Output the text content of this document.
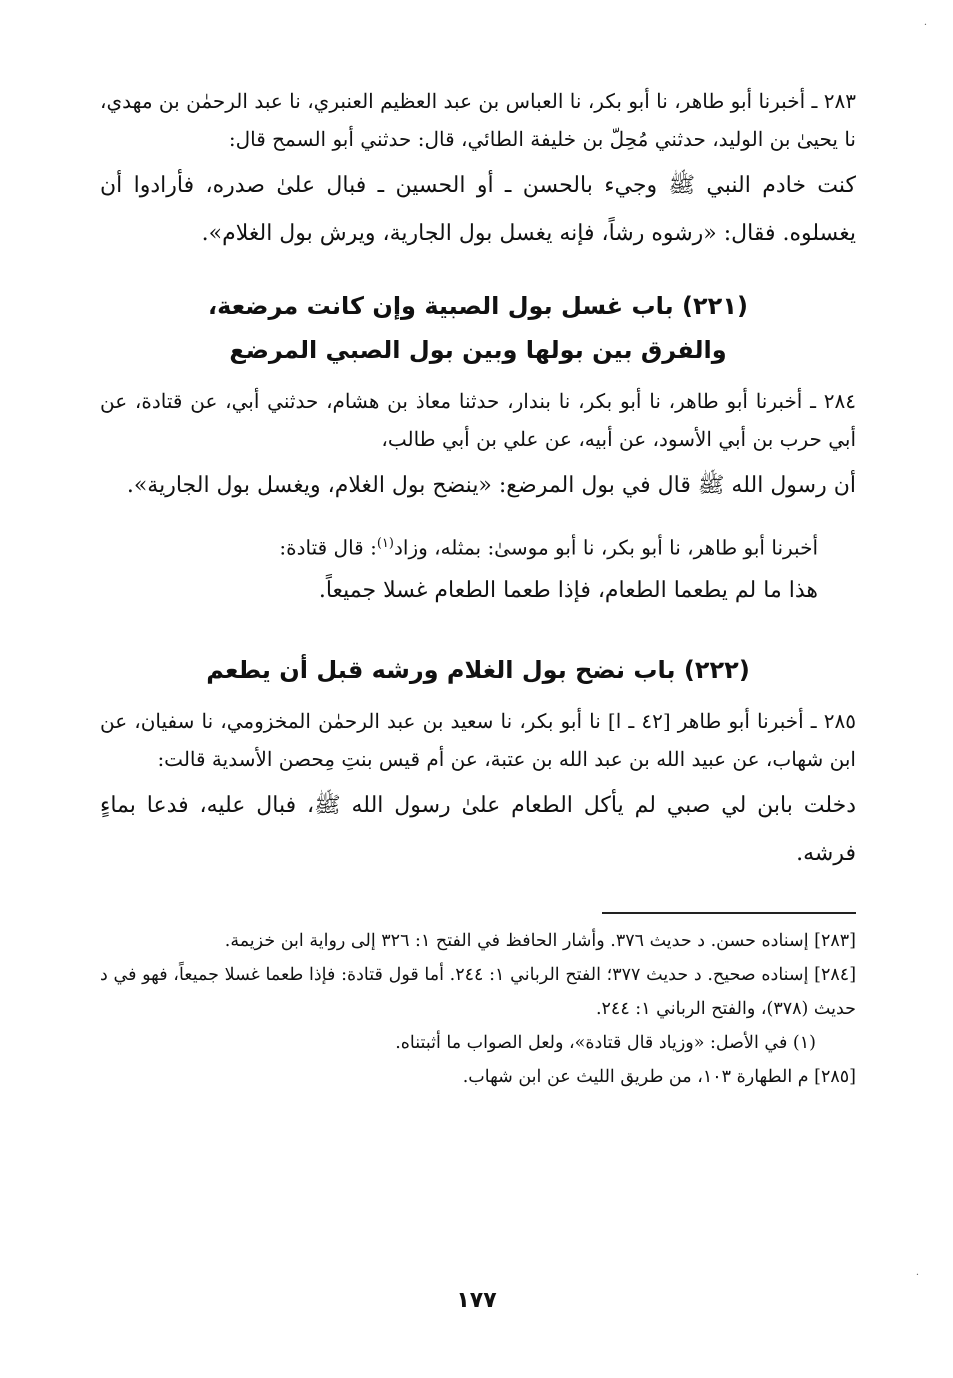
·
·

٢٨٣ ـ أخبرنا أبو طاهر، نا أبو بكر، نا العباس بن عبد العظيم العنبري، نا عبد الرحمٰن بن مهدي، نا يحيىٰ بن الوليد، حدثني مُحِلّ بن خليفة الطائي، قال: حدثني أبو السمح قال:

كنت خادم النبي ﷺ وجيء بالحسن ـ أو الحسين ـ فبال علىٰ صدره، فأرادوا أن يغسلوه. فقال: «رشوه رشاً، فإنه يغسل بول الجارية، ويرش بول الغلام».

(٢٢١) باب غسل بول الصبية وإن كانت مرضعة،
والفرق بين بولها وبين بول الصبي المرضع

٢٨٤ ـ أخبرنا أبو طاهر، نا أبو بكر، نا بندار، حدثنا معاذ بن هشام، حدثني أبي، عن قتادة، عن أبي حرب بن أبي الأسود، عن أبيه، عن علي بن أبي طالب،

أن رسول الله ﷺ قال في بول المرضع: «ينضح بول الغلام، ويغسل بول الجارية».

أخبرنا أبو طاهر، نا أبو بكر، نا أبو موسىٰ: بمثله، وزاد$^{(١)}$: قال قتادة:

هذا ما لم يطعما الطعام، فإذا طعما الطعام غسلا جميعاً.

(٢٢٢) باب نضح بول الغلام ورشه قبل أن يطعم

٢٨٥ ـ أخبرنا أبو طاهر [٤٢ ـ ا] نا أبو بكر، نا سعيد بن عبد الرحمٰن المخزومي، نا سفيان، عن ابن شهاب، عن عبيد الله بن عبد الله بن عتبة، عن أم قيس بنتِ مِحصن الأسدية قالت:

دخلت بابن لي صبي لم يأكل الطعام علىٰ رسول الله ﷺ، فبال عليه، فدعا بماءٍ فرشه.

[٢٨٣] إسناده حسن. د حديث ٣٧٦. وأشار الحافظ في الفتح ١: ٣٢٦ إلى رواية ابن خزيمة.

[٢٨٤] إسناده صحيح. د حديث ٣٧٧؛ الفتح الرباني ١: ٢٤٤. أما قول قتادة: فإذا طعما غسلا جميعاً، فهو في د حديث (٣٧٨)، والفتح الرباني ١: ٢٤٤.

(١) في الأصل: «وزياد قال قتادة»، ولعل الصواب ما أثبتناه.

[٢٨٥] م الطهارة ١٠٣، من طريق الليث عن ابن شهاب.

١٧٧
